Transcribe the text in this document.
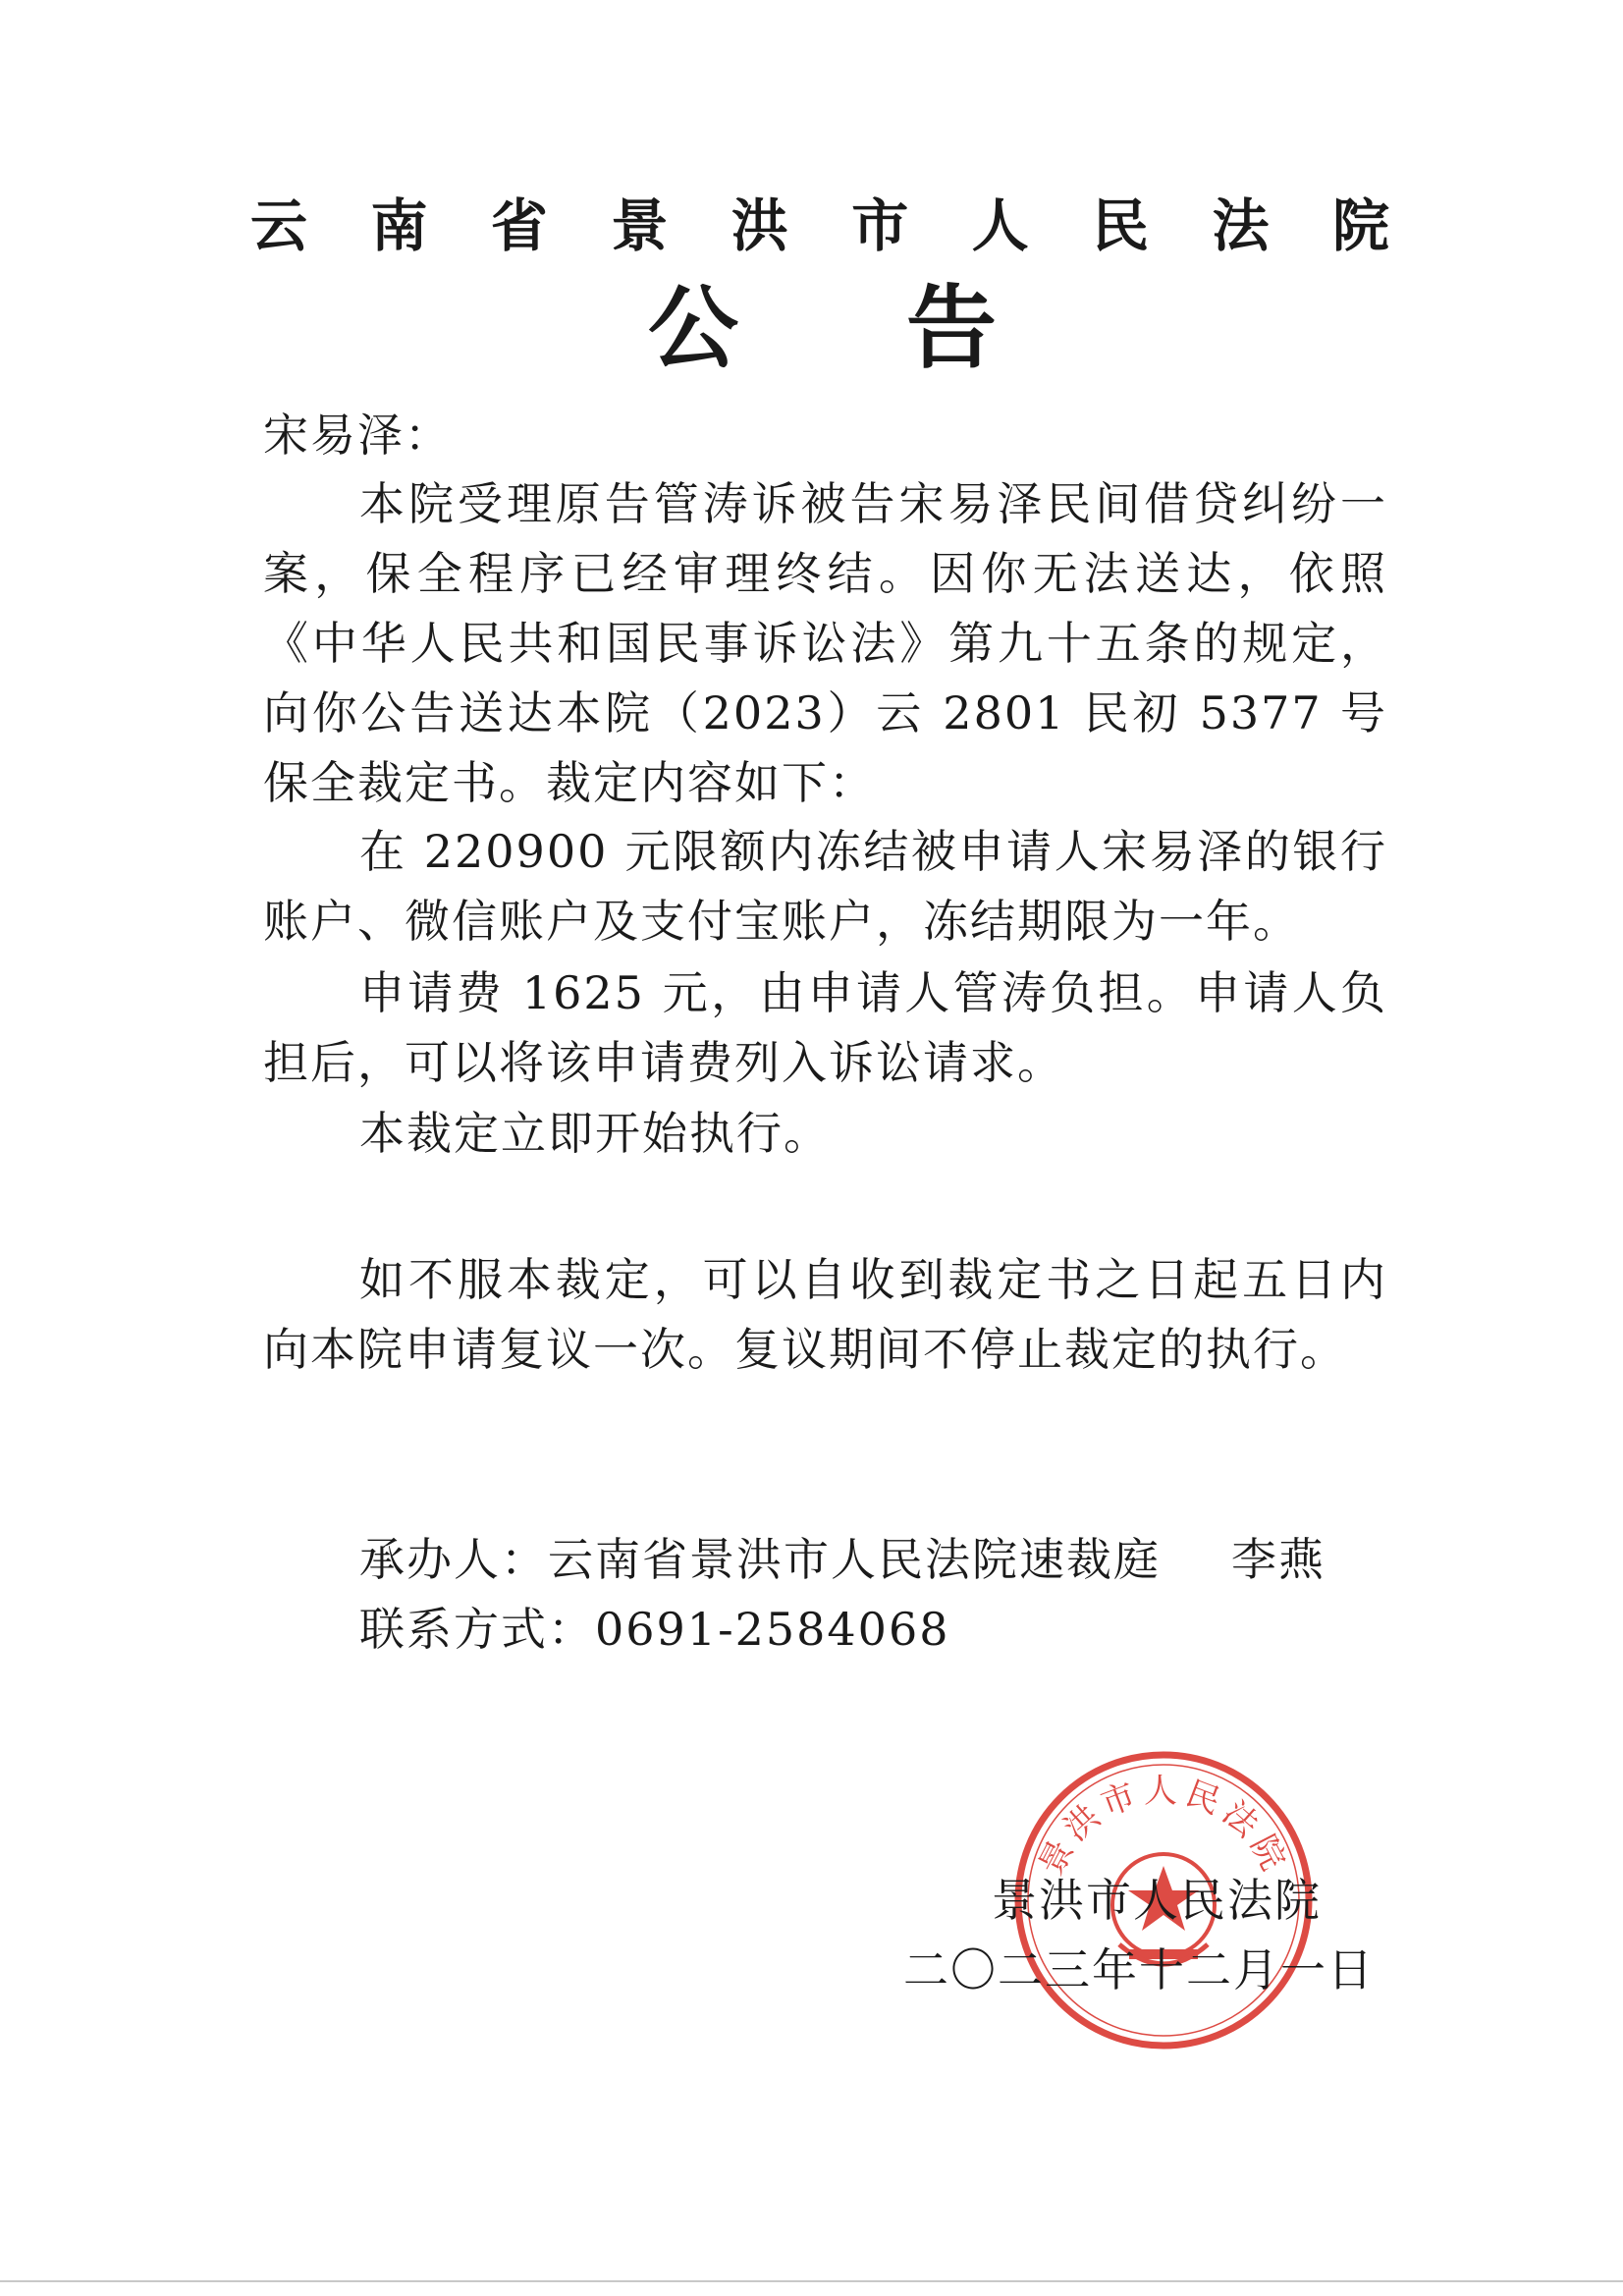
云 南 省 景 洪 市 人 民 法 院
公 告
宋易泽：
本院受理原告管涛诉被告宋易泽民间借贷纠纷一案，保全程序已经审理终结。因你无法送达，依照《中华人民共和国民事诉讼法》第九十五条的规定，向你公告送达本院（2023）云 2801 民初 5377 号保全裁定书。裁定内容如下：
在 220900 元限额内冻结被申请人宋易泽的银行账户、微信账户及支付宝账户，冻结期限为一年。
申请费 1625 元，由申请人管涛负担。申请人负担后，可以将该申请费列入诉讼请求。
本裁定立即开始执行。
如不服本裁定，可以自收到裁定书之日起五日内向本院申请复议一次。复议期间不停止裁定的执行。
承办人：云南省景洪市人民法院速裁庭 李燕
联系方式：0691-2584068
景洪市人民法院
景洪市人民法院
二〇二三年十二月一日
